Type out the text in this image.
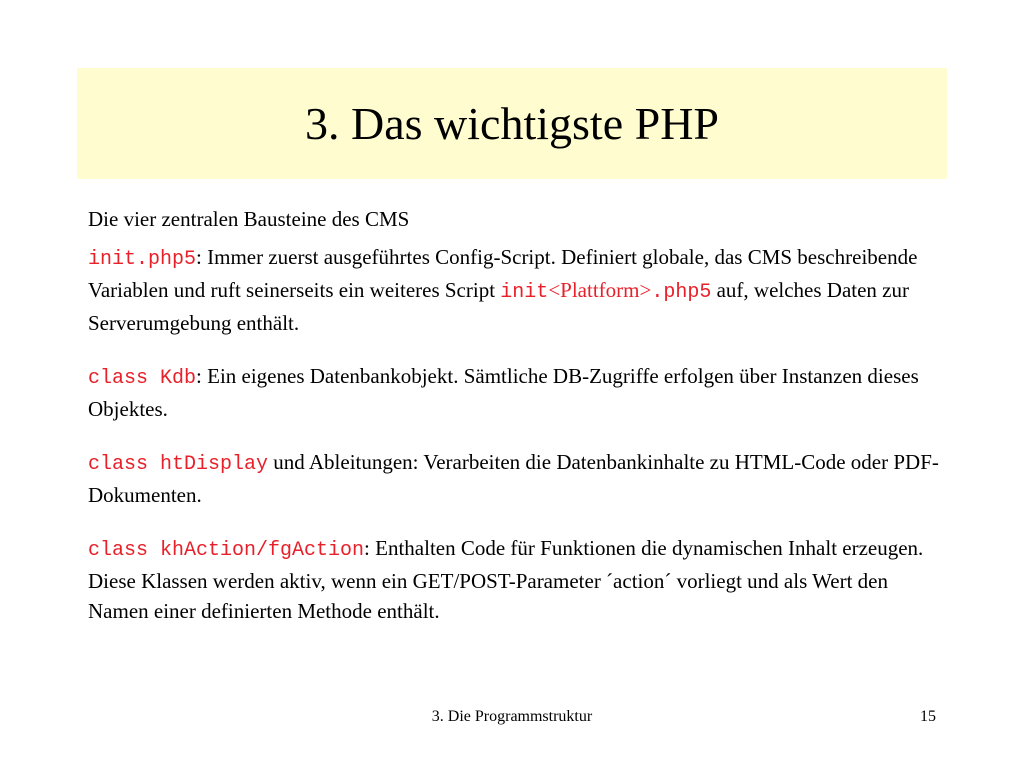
3. Das wichtigste PHP

Die vier zentralen Bausteine des CMS

init.php5: Immer zuerst ausgeführtes Config-Script. Definiert globale, das CMS beschreibende Variablen und ruft seinerseits ein weiteres Script init<Plattform>.php5 auf, welches Daten zur Serverumgebung enthält.

class Kdb: Ein eigenes Datenbankobjekt. Sämtliche DB-Zugriffe erfolgen über Instanzen dieses Objektes.

class htDisplay und Ableitungen: Verarbeiten die Datenbankinhalte zu HTML-Code oder PDF-Dokumenten.

class khAction/fgAction: Enthalten Code für Funktionen die dynamischen Inhalt erzeugen. Diese Klassen werden aktiv, wenn ein GET/POST-Parameter ´action´ vorliegt und als Wert den Namen einer definierten Methode enthält.

3. Die Programmstruktur	15
